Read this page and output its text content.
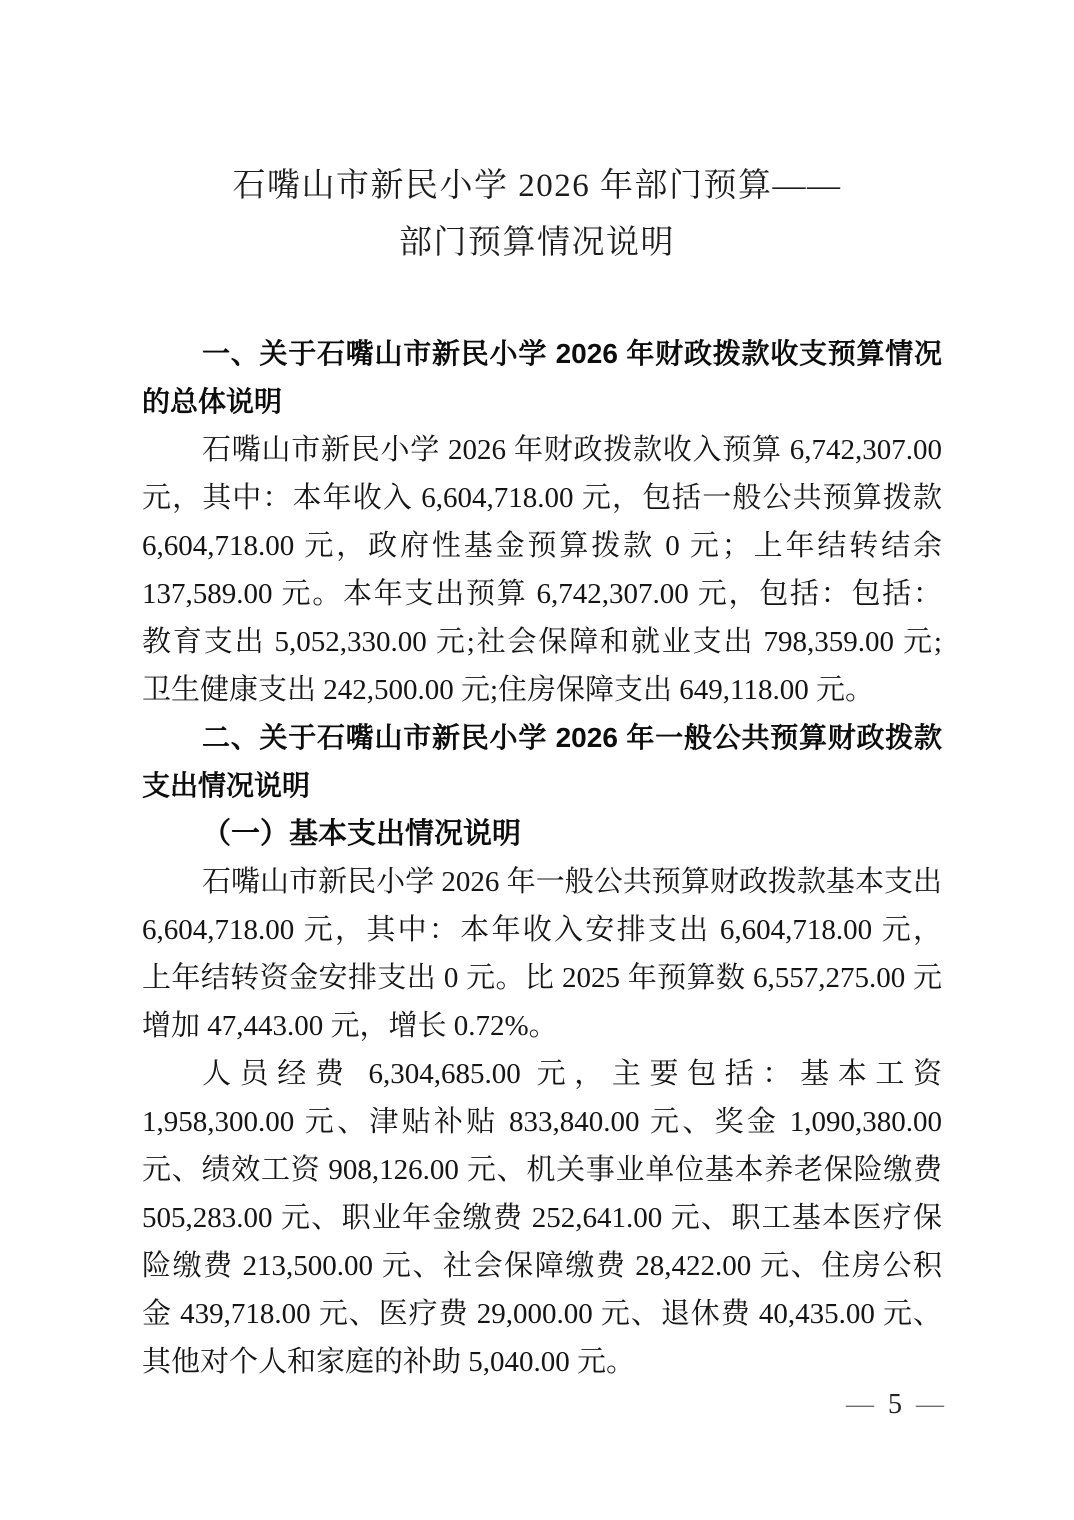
石嘴山市新民小学 2026 年部门预算——
部门预算情况说明
一、关于石嘴山市新民小学 2026 年财政拨款收支预算情况
的总体说明
石嘴山市新民小学 2026 年财政拨款收入预算 6,742,307.00
元，其中：本年收入 6,604,718.00 元，包括一般公共预算拨款
6,604,718.00 元，政府性基金预算拨款 0 元；上年结转结余
137,589.00 元。本年支出预算 6,742,307.00 元，包括：包括：
教育支出 5,052,330.00 元;社会保障和就业支出 798,359.00 元;
卫生健康支出 242,500.00 元;住房保障支出 649,118.00 元。
二、关于石嘴山市新民小学 2026 年一般公共预算财政拨款
支出情况说明
（一）基本支出情况说明
石嘴山市新民小学 2026 年一般公共预算财政拨款基本支出
6,604,718.00 元，其中：本年收入安排支出 6,604,718.00 元，
上年结转资金安排支出 0 元。比 2025 年预算数 6,557,275.00 元
增加 47,443.00 元，增长 0.72%。
人员经费 6,304,685.00 元，主要包括：基本工资
1,958,300.00 元、津贴补贴 833,840.00 元、奖金 1,090,380.00
元、绩效工资 908,126.00 元、机关事业单位基本养老保险缴费
505,283.00 元、职业年金缴费 252,641.00 元、职工基本医疗保
险缴费 213,500.00 元、社会保障缴费 28,422.00 元、住房公积
金 439,718.00 元、医疗费 29,000.00 元、退休费 40,435.00 元、
其他对个人和家庭的补助 5,040.00 元。
— 5 —
